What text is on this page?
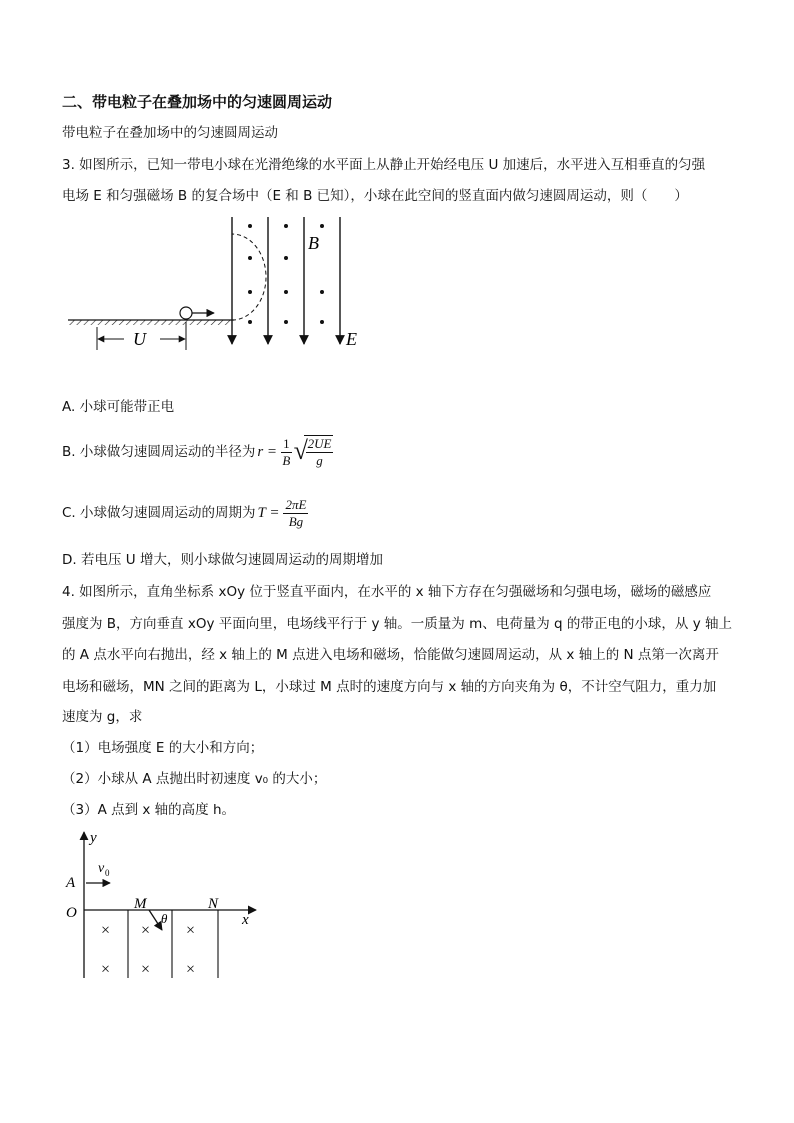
二、带电粒子在叠加场中的匀速圆周运动
带电粒子在叠加场中的匀速圆周运动
3. 如图所示，已知一带电小球在光滑绝缘的水平面上从静止开始经电压 U 加速后，水平进入互相垂直的匀强
电场 E 和匀强磁场 B 的复合场中（E 和 B 已知），小球在此空间的竖直面内做匀速圆周运动，则（　　）
U
B
E
A. 小球可能带正电
B. 小球做匀速圆周运动的半径为 $r = \frac{1}{B}$ √
$\frac{2UE}{g}$
C. 小球做匀速圆周运动的周期为 $T = \frac{2\pi E}{Bg}$
D. 若电压 U 增大，则小球做匀速圆周运动的周期增加
4. 如图所示，直角坐标系 xOy 位于竖直平面内，在水平的 x 轴下方存在匀强磁场和匀强电场，磁场的磁感应
强度为 B，方向垂直 xOy 平面向里，电场线平行于 y 轴。一质量为 m、电荷量为 q 的带正电的小球，从 y 轴上
的 A 点水平向右抛出，经 x 轴上的 M 点进入电场和磁场，恰能做匀速圆周运动，从 x 轴上的 N 点第一次离开
电场和磁场，MN 之间的距离为 L，小球过 M 点时的速度方向与 x 轴的方向夹角为 θ，不计空气阻力，重力加
速度为 g，求
（1）电场强度 E 的大小和方向；
（2）小球从 A 点抛出时初速度 v₀ 的大小；
（3）A 点到 x 轴的高度 h。
y
x
O
A
v 0
M	N
θ
× × ×
× × ×
